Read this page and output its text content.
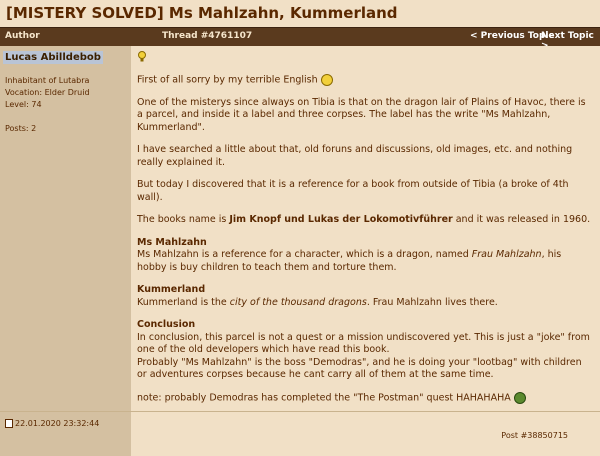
[MISTERY SOLVED] Ms Mahlzahn, Kummerland
Author	Thread #4761107	< Previous Topic
Next Topic
Lucas Abilldebob
Inhabitant of Lutabra
Vocation: Elder Druid
Level: 74
Posts: 2

First of all sorry by my terrible English

One of the misterys since always on Tibia is that on the dragon lair of Plains of Havoc, there is a parcel, and inside it a label and three corpses. The label has the write "Ms Mahlzahn, Kummerland".

I have searched a little about that, old foruns and discussions, old images, etc. and nothing really explained it.

But today I discovered that it is a reference for a book from outside of Tibia (a broke of 4th wall).

The books name is Jim Knopf und Lukas der Lokomotivführer and it was released in 1960.

Ms Mahlzahn
Ms Mahlzahn is a reference for a character, which is a dragon, named Frau Mahlzahn, his hobby is buy children to teach them and torture them.

Kummerland
Kummerland is the city of the thousand dragons. Frau Mahlzahn lives there.

Conclusion
In conclusion, this parcel is not a quest or a mission undiscovered yet. This is just a "joke" from one of the old developers which have read this book.
Probably "Ms Mahlzahn" is the boss "Demodras", and he is doing your "lootbag" with children or adventures corpses because he cant carry all of them at the same time.

note: probably Demodras has completed the "The Postman" quest HAHAHAHA

22.01.2020 23:32:44
Post #38850715
